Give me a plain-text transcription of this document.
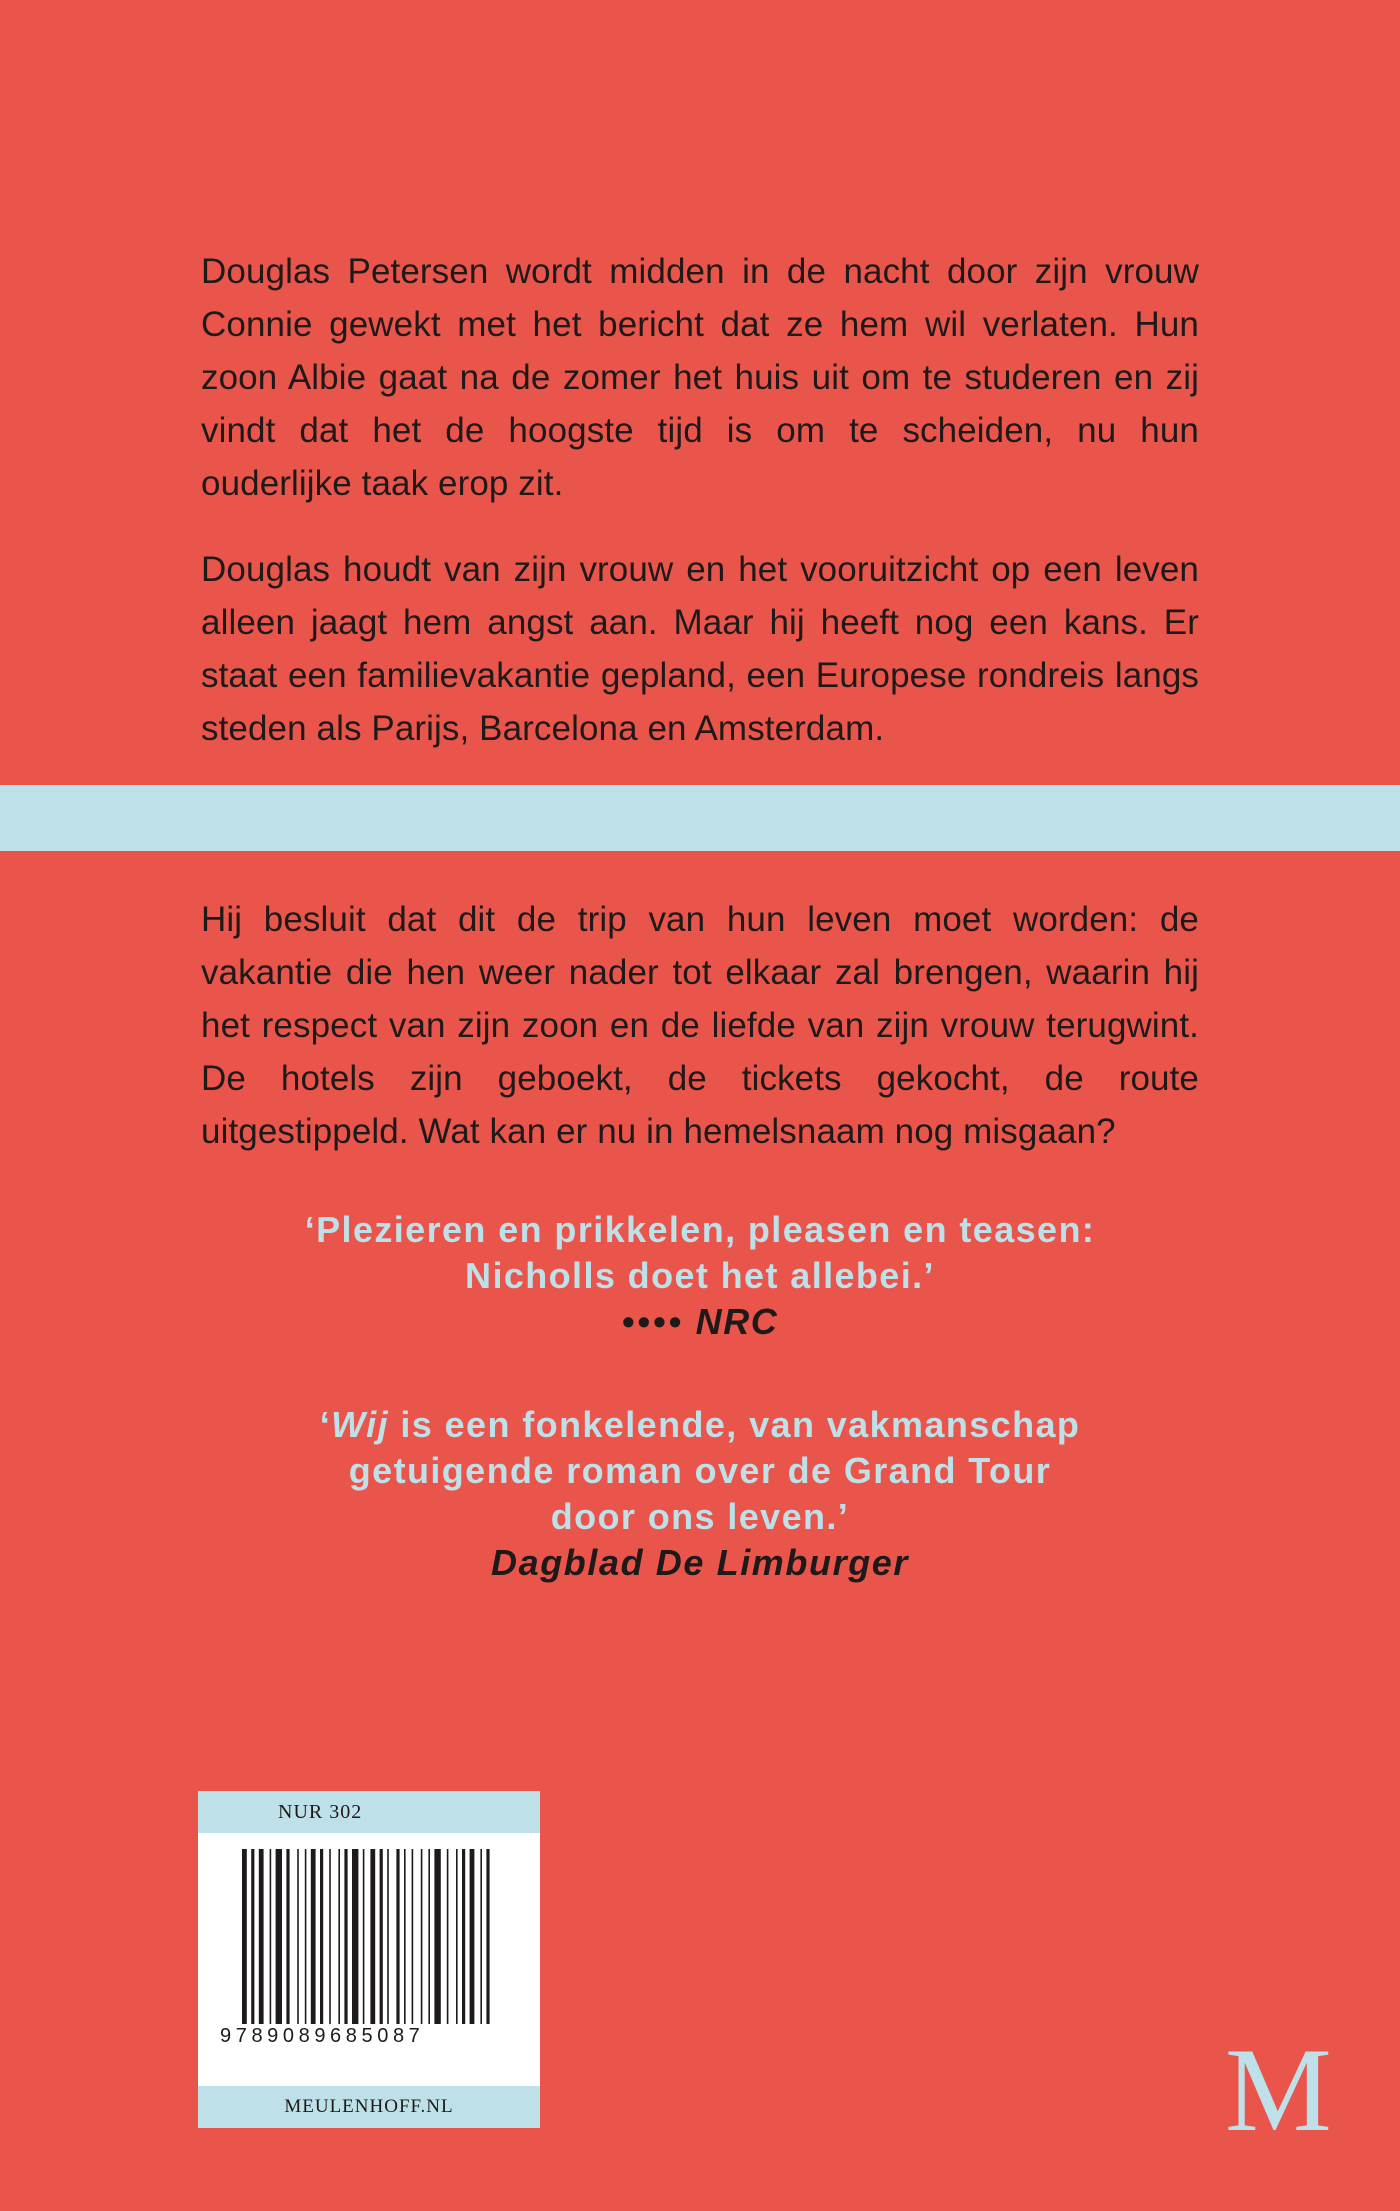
Douglas Petersen wordt midden in de nacht door zijn vrouw Connie gewekt met het bericht dat ze hem wil verlaten. Hun zoon Albie gaat na de zomer het huis uit om te studeren en zij vindt dat het de hoogste tijd is om te scheiden, nu hun ouderlijke taak erop zit.

Douglas houdt van zijn vrouw en het vooruitzicht op een leven alleen jaagt hem angst aan. Maar hij heeft nog een kans. Er staat een familievakantie gepland, een Europese rondreis langs steden als Parijs, Barcelona en Amsterdam.

Hij besluit dat dit de trip van hun leven moet worden: de vakantie die hen weer nader tot elkaar zal brengen, waarin hij het respect van zijn zoon en de liefde van zijn vrouw terugwint. De hotels zijn geboekt, de tickets gekocht, de route uitgestippeld. Wat kan er nu in hemelsnaam nog misgaan?

‘Plezieren en prikkelen, pleasen en teasen:
Nicholls doet het allebei.’
•••• NRC
‘Wij is een fonkelende, van vakmanschap
getuigende roman over de Grand Tour
door ons leven.’
Dagblad De Limburger
NUR 302
9789089685087
MEULENHOFF.NL	M
